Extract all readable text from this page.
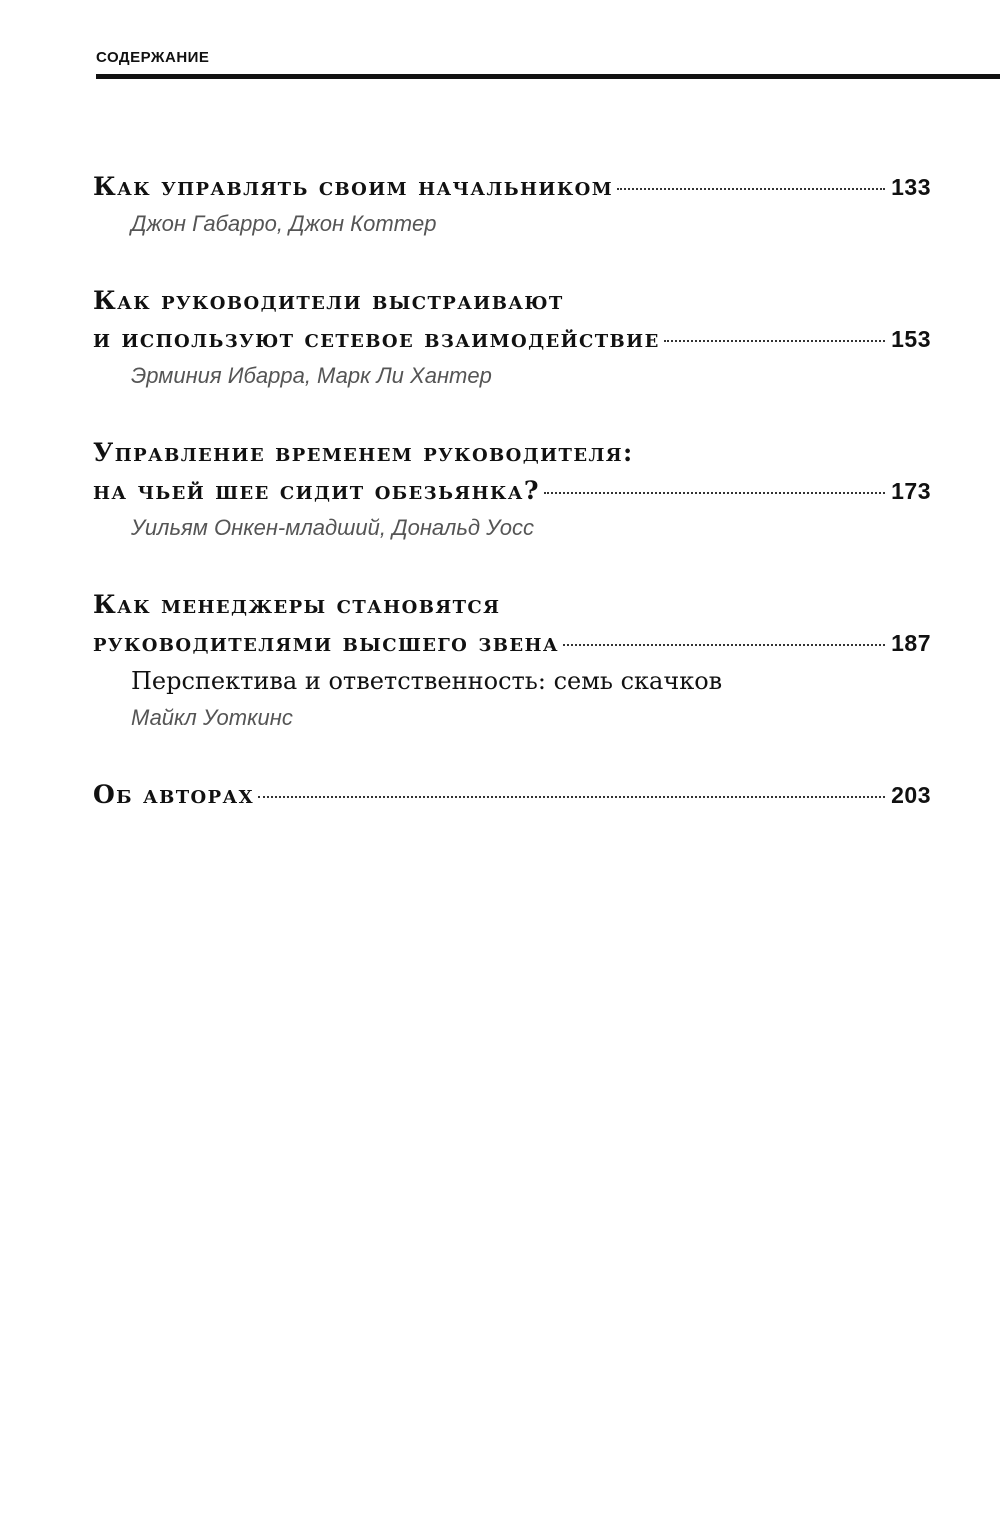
СОДЕРЖАНИЕ
Как управлять своим начальником	133
Джон Габарро, Джон Коттер
Как руководители выстраивают
и используют сетевое взаимодействие	153
Эрминия Ибарра, Марк Ли Хантер
Управление временем руководителя:
на чьей шее сидит обезьянка?	173
Уильям Онкен-младший, Дональд Уосс
Как менеджеры становятся
руководителями высшего звена	187
Перспектива и ответственность: семь скачков
Майкл Уоткинс
Об авторах	203
